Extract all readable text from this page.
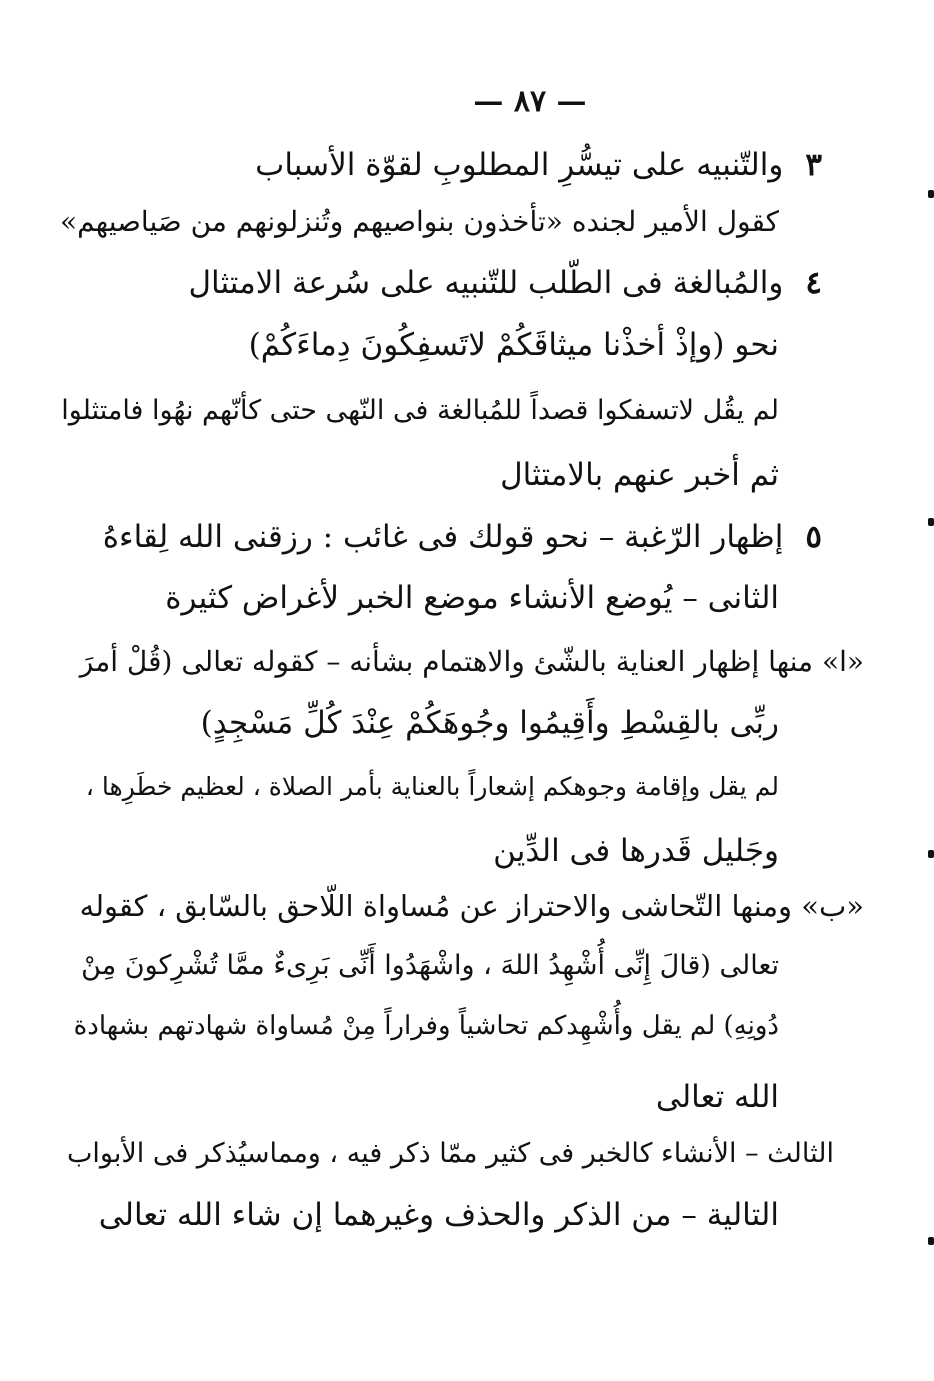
— ٨٧ —
٣والتّنبيه على تيسُّرِ المطلوبِ لقوّة الأسباب
كقول الأمير لجنده «تأخذون بنواصيهم وتُنزلونهم من صَياصيهم»
٤والمُبالغة فى الطّلب للتّنبيه على سُرعة الامتثال
نحو (وإذْ أخذْنا ميثاقَكُمْ لاتَسفِكُونَ دِماءَكُمْ)
لم يقُل لاتسفكوا قصداً للمُبالغة فى النّهى حتى كأنّهم نهُوا فامتثلوا
ثم أخبر عنهم بالامتثال
٥إظهار الرّغبة – نحو قولك فى غائب : رزقنى الله لِقاءهُ
الثانى – يُوضع الأنشاء موضع الخبر لأغراض كثيرة
«ا» منها إظهار العناية بالشّئ والاهتمام بشأنه – كقوله تعالى (قُلْ أمرَ
ربِّى بالقِسْطِ وأَقِيمُوا وجُوهَكُمْ عِنْدَ كُلِّ مَسْجِدٍ)
لم يقل وإقامة وجوهكم إشعاراً بالعناية بأمر الصلاة ، لعظيم خطَرِها ،
وجَليل قَدرها فى الدِّين
«ب» ومنها التّحاشى والاحتراز عن مُساواة اللّاحق بالسّابق ، كقوله
تعالى (قالَ إِنِّى أُشْهِدُ اللهَ ، واشْهَدُوا أَنِّى بَرِىءٌ ممَّا تُشْرِكونَ مِنْ
دُونِهِ) لم يقل وأُشْهِدكم تحاشياً وفراراً مِنْ مُساواة شهادتهم بشهادة
الله تعالى
الثالث – الأنشاء كالخبر فى كثير ممّا ذكر فيه ، ومماسيُذكر فى الأبواب
التالية – من الذكر والحذف وغيرهما إن شاء الله تعالى
